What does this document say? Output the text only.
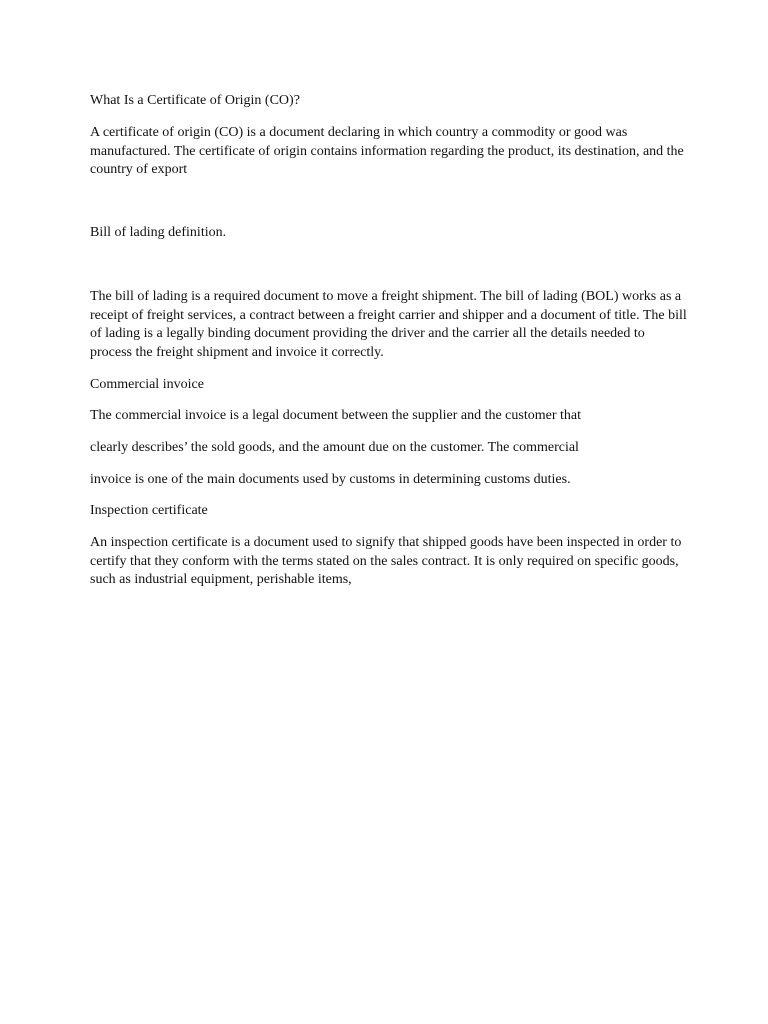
What Is a Certificate of Origin (CO)?

A certificate of origin (CO) is a document declaring in which country a commodity or good was manufactured. The certificate of origin contains information regarding the product, its destination, and the country of export

Bill of lading definition.

The bill of lading is a required document to move a freight shipment. The bill of lading (BOL) works as a receipt of freight services, a contract between a freight carrier and shipper and a document of title. The bill of lading is a legally binding document providing the driver and the carrier all the details needed to process the freight shipment and invoice it correctly.

Commercial invoice

The commercial invoice is a legal document between the supplier and the customer that

clearly describes’ the sold goods, and the amount due on the customer. The commercial

invoice is one of the main documents used by customs in determining customs duties.

Inspection certificate

An inspection certificate is a document used to signify that shipped goods have been inspected in order to certify that they conform with the terms stated on the sales contract. It is only required on specific goods, such as industrial equipment, perishable items,
